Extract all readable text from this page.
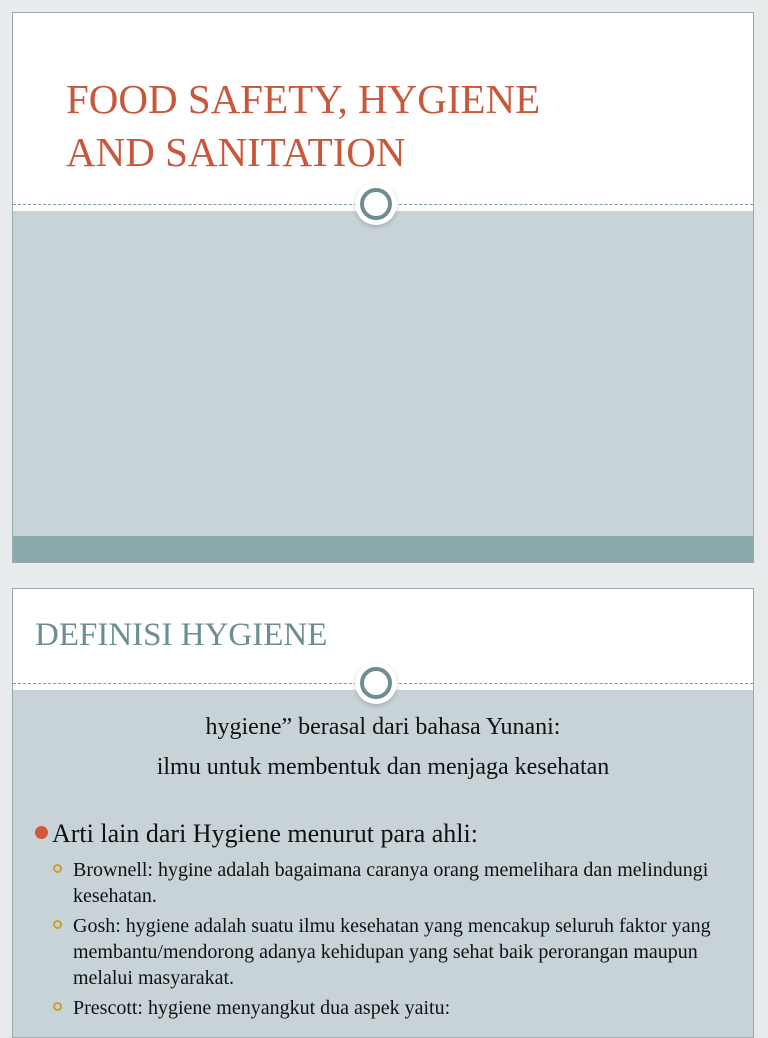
FOOD SAFETY, HYGIENE
AND SANITATION
DEFINISI HYGIENE
hygiene” berasal dari bahasa Yunani:
ilmu untuk membentuk dan menjaga kesehatan
Arti lain dari Hygiene menurut para ahli:
Brownell: hygine adalah bagaimana caranya orang memelihara dan melindungi kesehatan.
Gosh: hygiene adalah suatu ilmu kesehatan yang mencakup seluruh faktor yang membantu/mendorong adanya kehidupan yang sehat baik perorangan maupun melalui masyarakat.
Prescott: hygiene menyangkut dua aspek yaitu:
